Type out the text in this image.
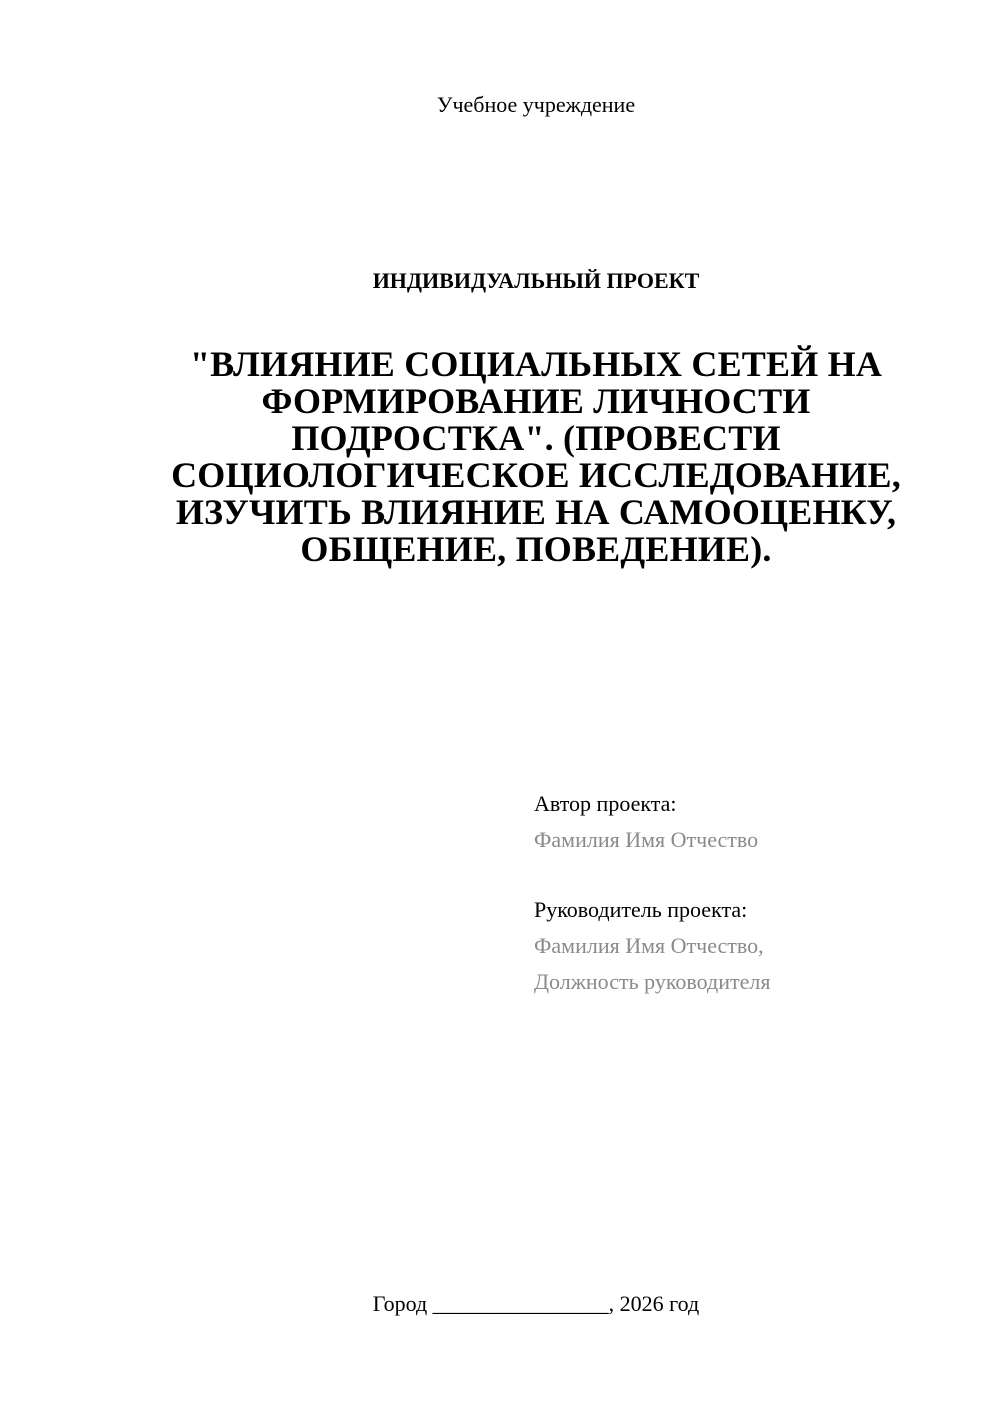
Учебное учреждение
ИНДИВИДУАЛЬНЫЙ ПРОЕКТ
"ВЛИЯНИЕ СОЦИАЛЬНЫХ СЕТЕЙ НА ФОРМИРОВАНИЕ ЛИЧНОСТИ ПОДРОСТКА". (ПРОВЕСТИ СОЦИОЛОГИЧЕСКОЕ ИССЛЕДОВАНИЕ, ИЗУЧИТЬ ВЛИЯНИЕ НА САМООЦЕНКУ, ОБЩЕНИЕ, ПОВЕДЕНИЕ).
Автор проекта:
Фамилия Имя Отчество
Руководитель проекта:
Фамилия Имя Отчество,
Должность руководителя
Город ________________, 2026 год
